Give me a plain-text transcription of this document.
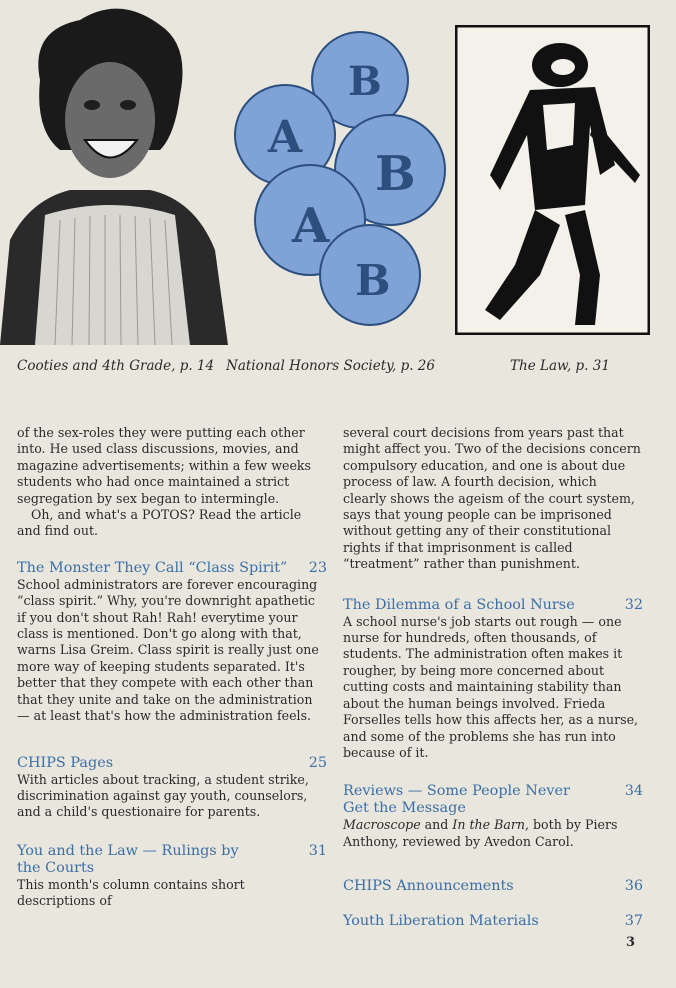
B
A
B
A
B
Cooties and 4th Grade, p. 14 National Honors Society, p. 26	The Law, p. 31

of the sex-roles they were putting each other into. He used class discussions, movies, and magazine advertisements; within a few weeks students who had once maintained a strict segregation by sex began to intermingle.

Oh, and what's a POTOS? Read the article and find out.

The Monster They Call “Class Spirit” 23

School administrators are forever encouraging “class spirit.” Why, you're downright apathetic if you don't shout Rah! Rah! everytime your class is mentioned. Don't go along with that, warns Lisa Greim. Class spirit is really just one more way of keeping students separated. It's better that they compete with each other than that they unite and take on the administration — at least that's how the administration feels.

CHIPS Pages	25

With articles about tracking, a student strike, discrimination against gay youth, counselors, and a child's questionaire for parents.

You and the Law — Rulings by the Courts
31

This month's column contains short descriptions of

several court decisions from years past that might affect you. Two of the decisions concern compulsory education, and one is about due process of law. A fourth decision, which clearly shows the ageism of the court system, says that young people can be imprisoned without getting any of their constitutional rights if that imprisonment is called “treatment” rather than punishment.

The Dilemma of a School Nurse	32

A school nurse's job starts out rough — one nurse for hundreds, often thousands, of students. The administration often makes it rougher, by being more concerned about cutting costs and maintaining stability than about the human beings involved. Frieda Forselles tells how this affects her, as a nurse, and some of the problems she has run into because of it.

Reviews — Some People Never Get the Message
34

Macroscope and In the Barn, both by Piers Anthony, reviewed by Avedon Carol.

CHIPS Announcements	36
Youth Liberation Materials	37
3
